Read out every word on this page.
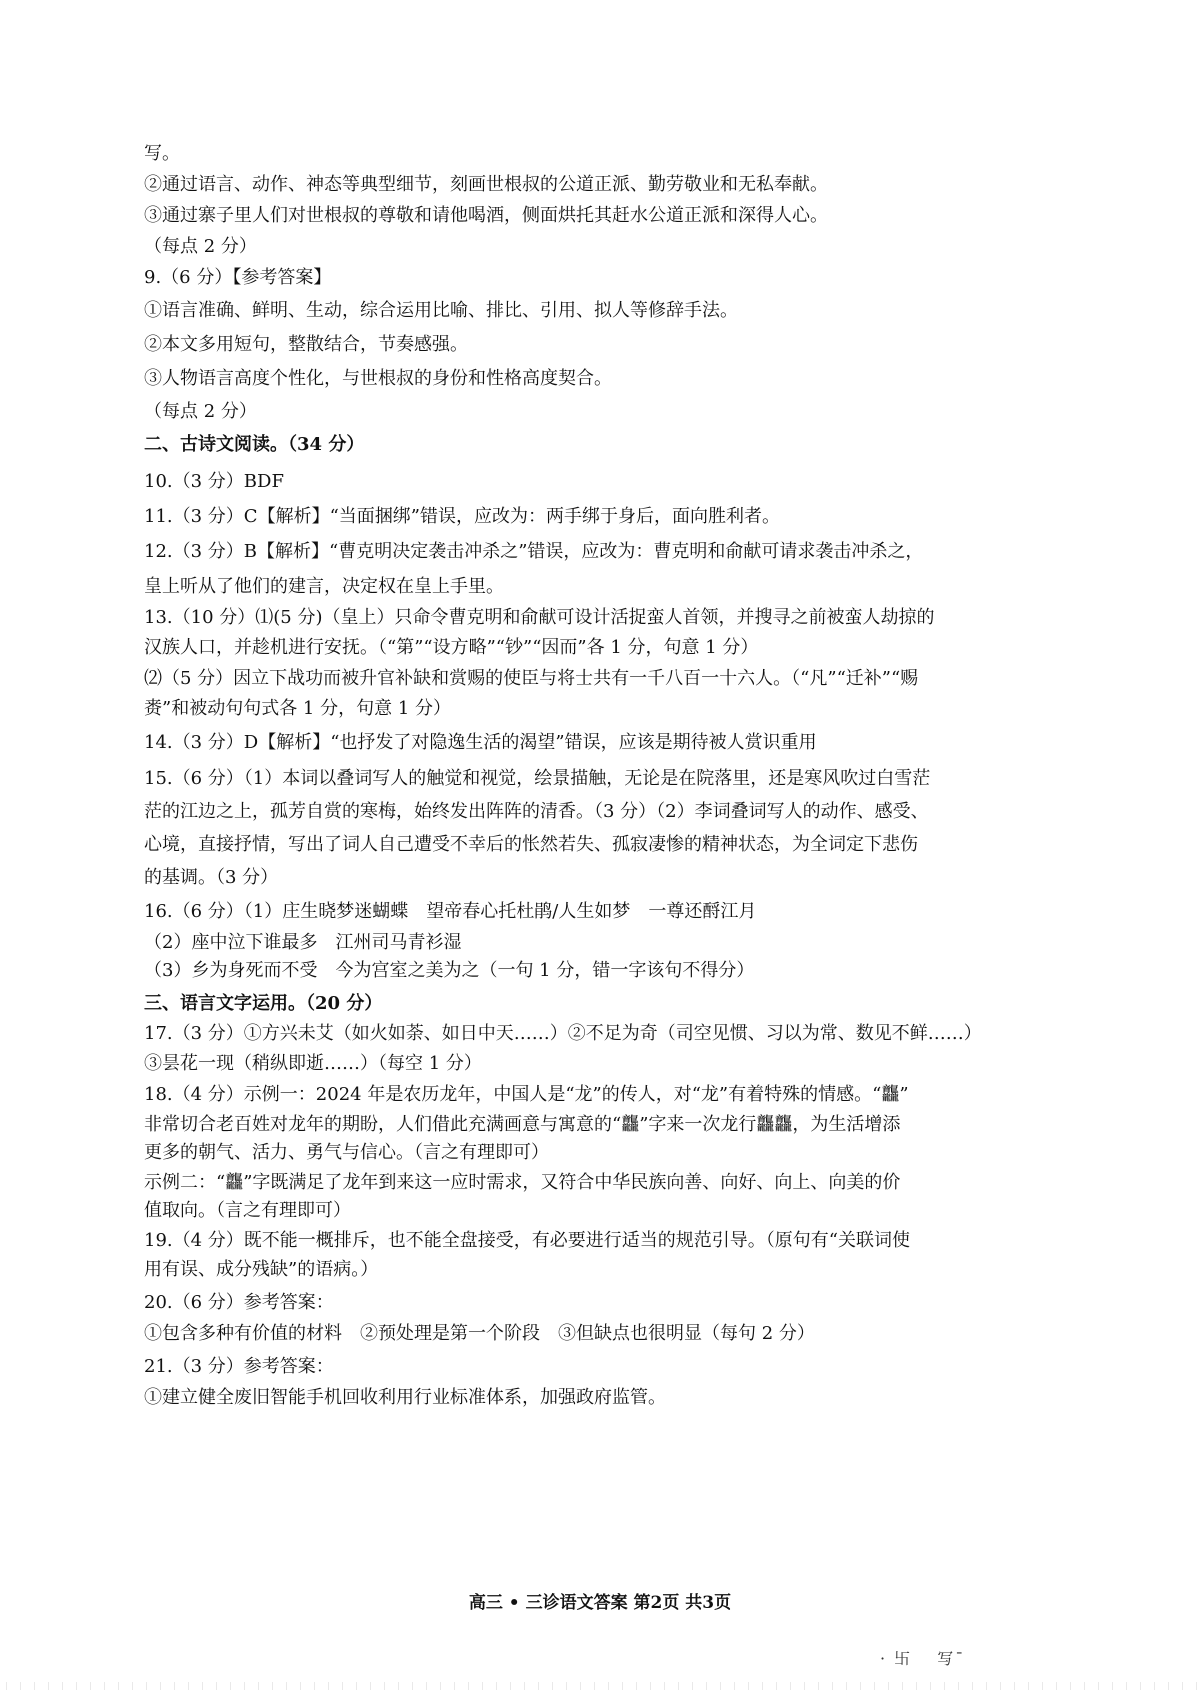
写。
②通过语言、动作、神态等典型细节，刻画世根叔的公道正派、勤劳敬业和无私奉献。
③通过寨子里人们对世根叔的尊敬和请他喝酒，侧面烘托其赶水公道正派和深得人心。
（每点 2 分）
9.（6 分）【参考答案】
①语言准确、鲜明、生动，综合运用比喻、排比、引用、拟人等修辞手法。
②本文多用短句，整散结合，节奏感强。
③人物语言高度个性化，与世根叔的身份和性格高度契合。
（每点 2 分）
二、古诗文阅读。（34 分）
10.（3 分）BDF
11.（3 分）C【解析】“当面捆绑”错误，应改为：两手绑于身后，面向胜利者。
12.（3 分）B【解析】“曹克明决定袭击冲杀之”错误，应改为：曹克明和俞献可请求袭击冲杀之，
皇上听从了他们的建言，决定权在皇上手里。
13.（10 分）⑴(5 分)（皇上）只命令曹克明和俞献可设计活捉蛮人首领，并搜寻之前被蛮人劫掠的
汉族人口，并趁机进行安抚。（“第”“设方略”“钞”“因而”各 1 分，句意 1 分）
⑵（5 分）因立下战功而被升官补缺和赏赐的使臣与将士共有一千八百一十六人。（“凡”“迁补”“赐
赉”和被动句句式各 1 分，句意 1 分）
14.（3 分）D【解析】“也抒发了对隐逸生活的渴望”错误，应该是期待被人赏识重用
15.（6 分）（1）本词以叠词写人的触觉和视觉，绘景描触，无论是在院落里，还是寒风吹过白雪茫
茫的江边之上，孤芳自赏的寒梅，始终发出阵阵的清香。（3 分）（2）李词叠词写人的动作、感受、
心境，直接抒情，写出了词人自己遭受不幸后的怅然若失、孤寂凄惨的精神状态，为全词定下悲伤
的基调。（3 分）
16.（6 分）（1）庄生晓梦迷蝴蝶　望帝春心托杜鹃/人生如梦　一尊还酹江月
（2）座中泣下谁最多　江州司马青衫湿
（3）乡为身死而不受　今为宫室之美为之（一句 1 分，错一字该句不得分）
三、语言文字运用。（20 分）
17.（3 分）①方兴未艾（如火如荼、如日中天……）②不足为奇（司空见惯、习以为常、数见不鲜……）
③昙花一现（稍纵即逝……）（每空 1 分）
18.（4 分）示例一：2024 年是农历龙年，中国人是“龙”的传人，对“龙”有着特殊的情感。“龘”
非常切合老百姓对龙年的期盼，人们借此充满画意与寓意的“龘”字来一次龙行龘龘，为生活增添
更多的朝气、活力、勇气与信心。（言之有理即可）
示例二：“龘”字既满足了龙年到来这一应时需求，又符合中华民族向善、向好、向上、向美的价
值取向。（言之有理即可）
19.（4 分）既不能一概排斥，也不能全盘接受，有必要进行适当的规范引导。（原句有“关联词使
用有误、成分残缺”的语病。）
20.（6 分）参考答案：
①包含多种有价值的材料　②预处理是第一个阶段　③但缺点也很明显（每句 2 分）
21.（3 分）参考答案：
①建立健全废旧智能手机回收利用行业标准体系，加强政府监管。
高三 • 三诊语文答案 第2页 共3页
· 卐　 写¯
